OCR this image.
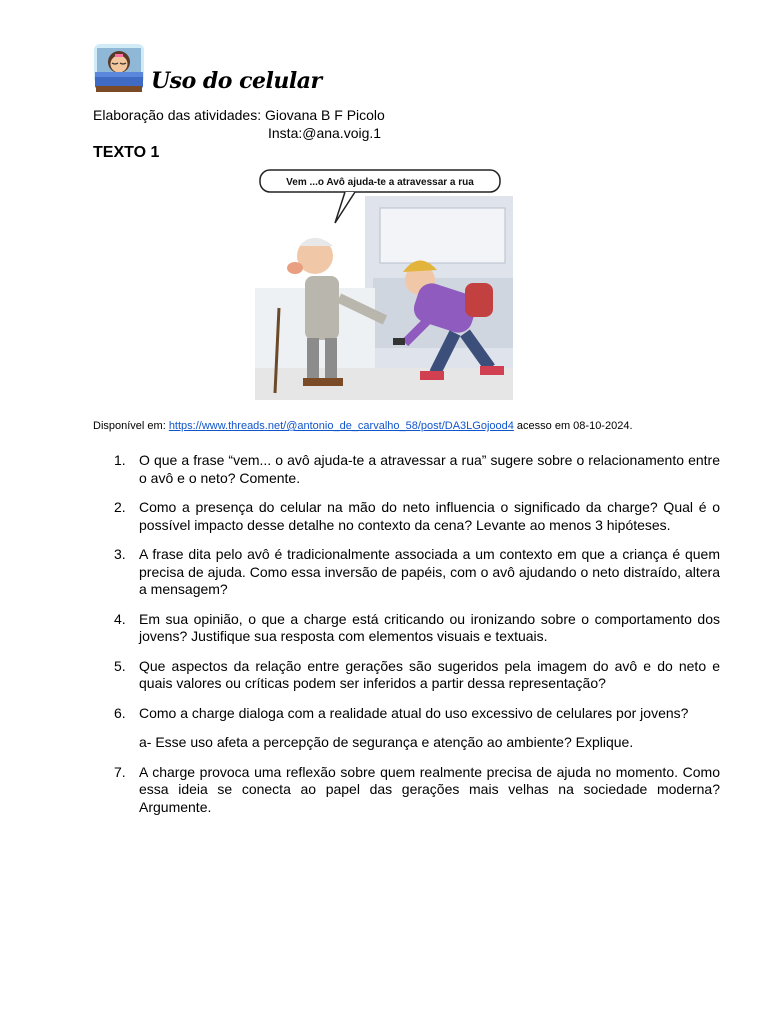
Uso do celular
Elaboração das atividades: Giovana B F Picolo
Insta:@ana.voig.1
TEXTO 1
Vem ...o Avô ajuda-te a atravessar a rua
Disponível em: https://www.threads.net/@antonio_de_carvalho_58/post/DA3LGojood4 acesso em 08-10-2024.
1. O que a frase “vem... o avô ajuda-te a atravessar a rua” sugere sobre o relacionamento entre o avô e o neto? Comente.
2. Como a presença do celular na mão do neto influencia o significado da charge? Qual é o possível impacto desse detalhe no contexto da cena? Levante ao menos 3 hipóteses.
3. A frase dita pelo avô é tradicionalmente associada a um contexto em que a criança é quem precisa de ajuda. Como essa inversão de papéis, com o avô ajudando o neto distraído, altera a mensagem?
4. Em sua opinião, o que a charge está criticando ou ironizando sobre o comportamento dos jovens? Justifique sua resposta com elementos visuais e textuais.
5. Que aspectos da relação entre gerações são sugeridos pela imagem do avô e do neto e quais valores ou críticas podem ser inferidos a partir dessa representação?
6. Como a charge dialoga com a realidade atual do uso excessivo de celulares por jovens?
a- Esse uso afeta a percepção de segurança e atenção ao ambiente? Explique.
7. A charge provoca uma reflexão sobre quem realmente precisa de ajuda no momento. Como essa ideia se conecta ao papel das gerações mais velhas na sociedade moderna? Argumente.
